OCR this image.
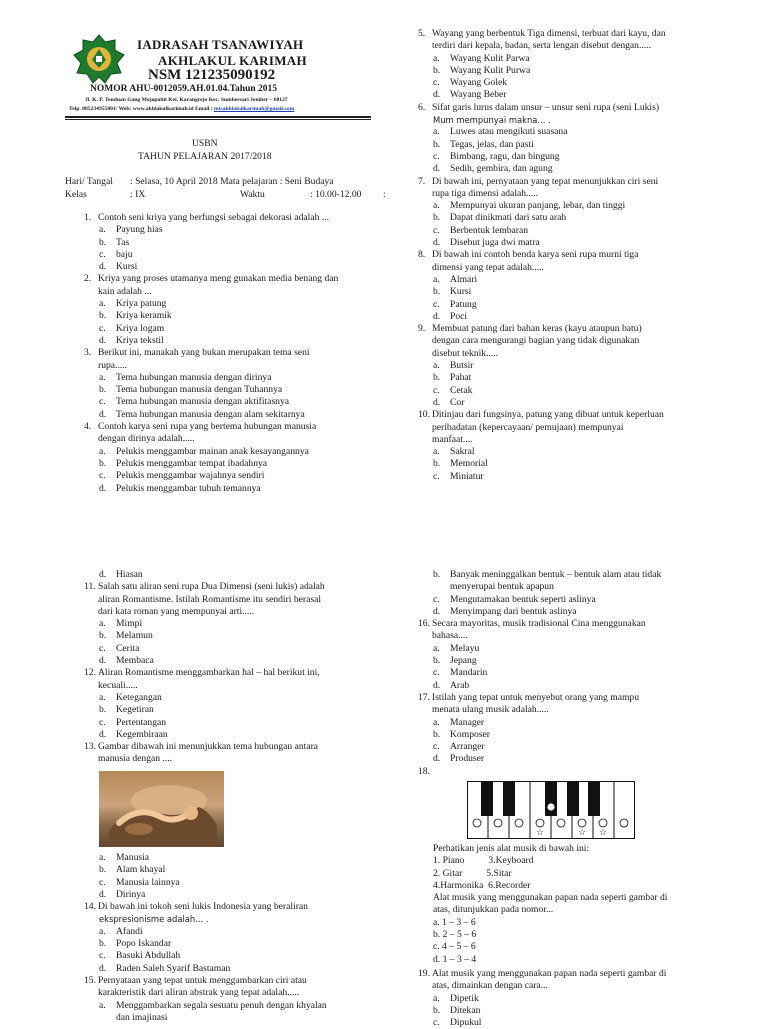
IADRASAH TSANAWIYAH
AKHLAKUL KARIMAH
NSM 121235090192
NOMOR AHU-0012059.AH.01.04.Tahun 2015
Jl. K. P. Tenduan Gang Mojopahit Kel. Karangrejo Kec. Sumbersari Jember – 68127
Telp. 085234955001/ Web: www.akhlakulkarimah.id Email : mtsakhlakulkarimah@gmail.com
USBN
TAHUN PELAJARAN 2017/2018
Hari/ Tangal : Selasa, 10 April 2018 Mata pelajaran : Seni Budaya
Kelas	: IX	Waktu	: 10.00-12.00 :
1. Contoh seni kriya yang berfungsi sebagai dekorasi adalah ...
a.	Payung hias
b.	Tas
c.	baju
d.	Kursi
2. Kriya yang proses utamanya meng gunakan media benang dan
kain adalah ...
a.	Kriya patung
b.	Kriya keramik
c.	Kriya logam
d.	Kriya tekstil
3. Berikut ini, manakah yang bukan merupakan tema seni
rupa.....
a.	Tema hubungan manusia dengan dirinya
b.	Tema hubungan manusia dengan Tuhannya
c.	Tema hubungan manusia dengan aktifitasnya
d.	Tema hubungan manusia dengan alam sekitarnya
4. Contoh karya seni rupa yang bertema hubungan manusia
dengan dirinya adalah.....
a.	Pelukis menggambar mainan anak kesayangannya
b.	Pelukis menggambar tempat ibadahnya
c.	Pelukis menggambar wajahnya sendiri
d.	Pelukis menggambar tubuh temannya
5. Wayang yang berbentuk Tiga dimensi, terbuat dari kayu, dan
terdiri dari kepala, badan, serta lengan disebut dengan.....
a.	Wayang Kulit Parwa
b.	Wayang Kulit Purwa
c.	Wayang Golek
d.	Wayang Beber
6. Sifat garis lurus dalam unsur – unsur seni rupa (seni Lukis)
Mum mempunyai makna... .
a.	Luwes atau mengikuti suasana
b.	Tegas, jelas, dan pasti
c.	Bimbang, ragu, dan bingung
d.	Sedih, gembira, dan agung
7. Di bawah ini, pernyataan yang tepat menunjukkan ciri seni
rupa tiga dimensi adalah.....
a.	Mempunyai ukuran panjang, lebar, dan tinggi
b.	Dapat dinikmati dari satu arah
c.	Berbentuk lembaran
d.	Disebut juga dwi matra
8. Di bawah ini contoh benda karya seni rupa murni tiga
dimensi yang tepat adalah.....
a.	Almari
b.	Kursi
c.	Patung
d.	Poci
9. Membuat patung dari bahan keras (kayu ataupun batu)
dengan cara mengurangi bagian yang tidak digunakan
disebut teknik.....
a.	Butsir
b.	Pahat
c.	Cetak
d.	Cor
10. Ditinjau dari fungsinya, patung yang dibuat untuk keperluan
peribadatan (kepercayaan/ pemujaan) mempunyai
manfaat....
a.	Sakral
b.	Memorial
c.	Miniatur
d.	Hiasan
11. Salah satu aliran seni rupa Dua Dimensi (seni lukis) adalah
aliran Romantisme. Istilah Romantisme itu sendiri berasal
dari kata roman yang mempunyai arti.....
a.	Mimpi
b.	Melamun
c.	Cerita
d.	Membaca
12. Aliran Romantisme menggambarkan hal – hal berikut ini,
kecuali.....
a.	Ketegangan
b.	Kegetiran
c.	Pertentangan
d.	Kegembiraan
13. Gambar dibawah ini menunjukkan tema hubungan antara
manusia dengan ....
a.	Manusia
b.	Alam khayal
c.	Manusia lainnya
d.	Dirinya
14. Di bawah ini tokoh seni lukis Indonesia yang beraliran
ekspresionisme adalah... .
a.	Afandi
b.	Popo Iskandar
c.	Basuki Abdullah
d.	Raden Saleh Syarif Bastaman
15. Pernyataan yang tepat untuk menggambarkan ciri atau
karakteristik dari aliran abstrak yang tepat adalah.....
a.	Menggambarkan segala sesuatu penuh dengan khyalan
dan imajinasi
b.	Banyak meninggalkan bentuk – bentuk alam atau tidak
menyerupai bentuk apapun
c.	Mengutamakan bentuk seperti aslinya
d.	Menyimpang dari bentuk aslinya
16. Secara mayoritas, musik tradisional Cina menggunakan
bahasa....
a.	Melayu
b.	Jepang
c.	Mandarin
d.	Arab
17. Istilah yang tepat untuk menyebut orang yang mampu
menata ulang musik adalah.....
a.	Manager
b.	Komposer
c.	Arranger
d.	Produser
18.
☆	☆ ☆
Perhatikan jenis alat musik di bawah ini:
1. Piano          3.Keyboard
2. Gitar          5.Sitar
4.Harmonika  6.Recorder
Alat musik yang menggunakan papan nada seperti gambar di
atas, ditunjukkan pada nomor...
a. 1 – 3 – 6
b. 2 – 5 – 6
c. 4 – 5 – 6
d. 1 – 3 – 4
19. Alat musik yang menggunakan papan nada seperti gambar di
atas, dimainkan dengan cara...
a.	Dipetik
b.	Ditekan
c.	Dipukul
